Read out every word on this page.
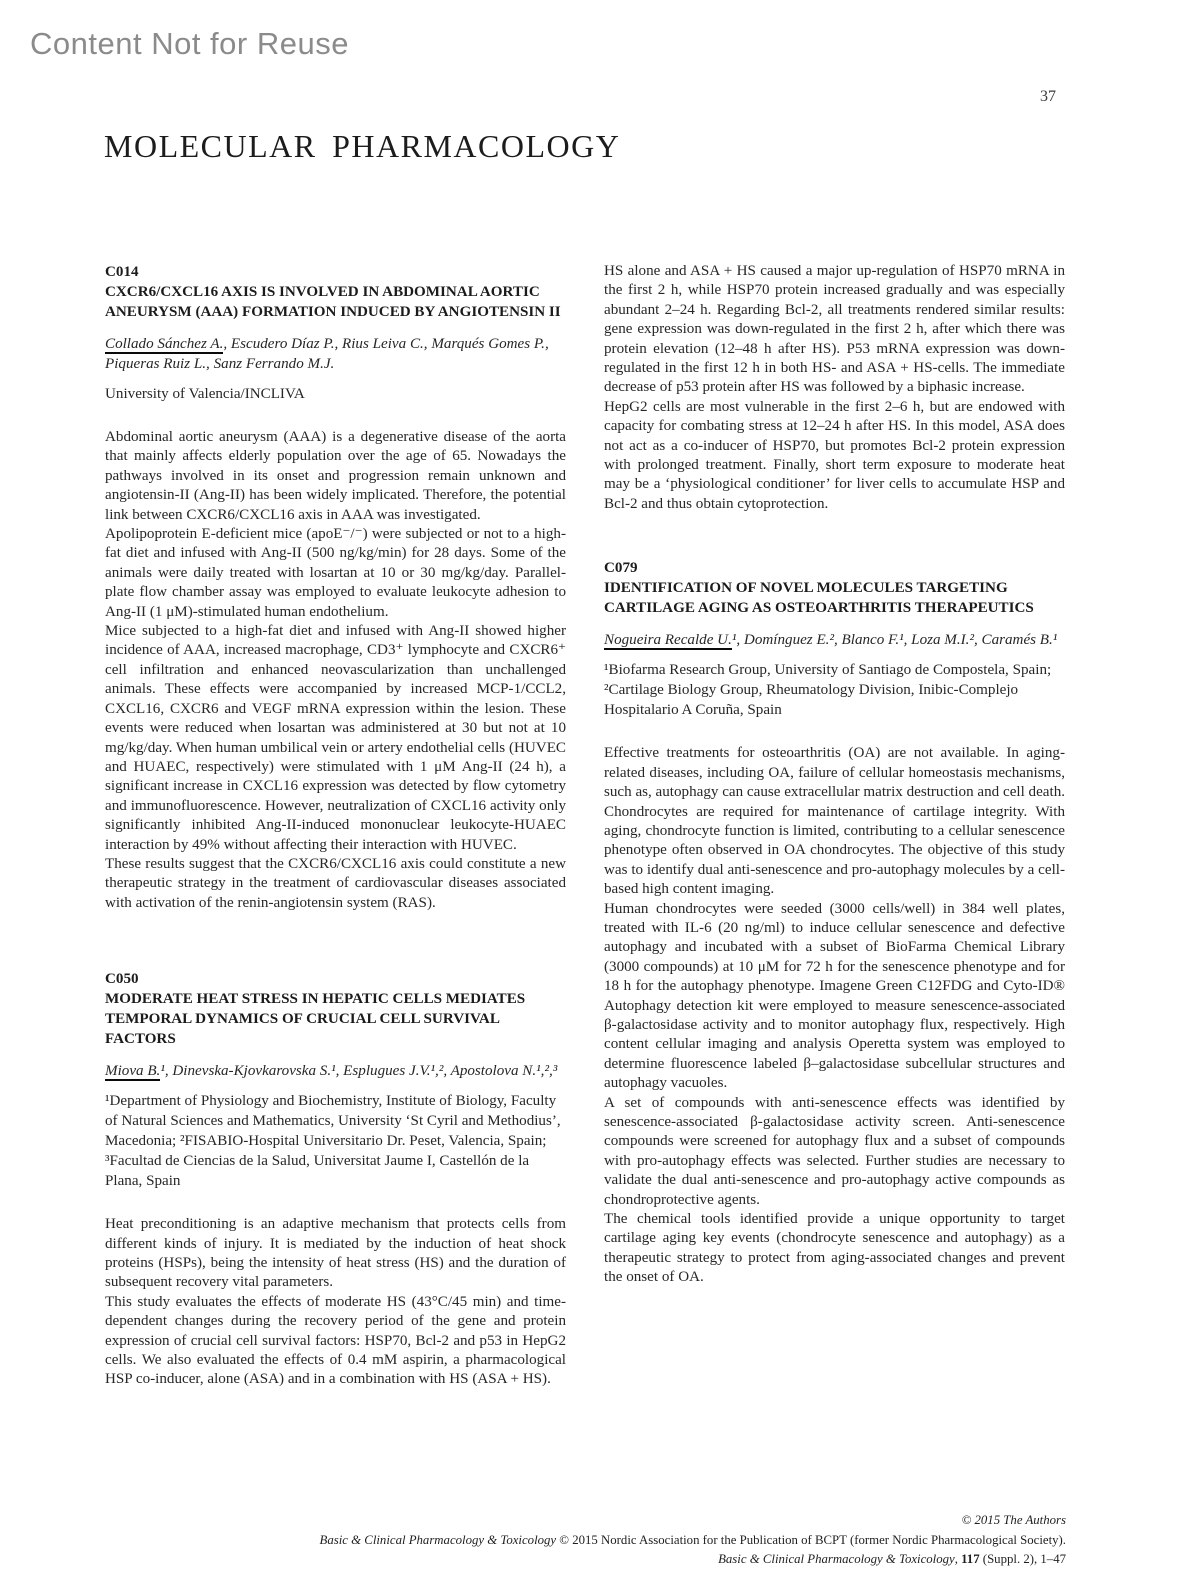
Content Not for Reuse
37
MOLECULAR PHARMACOLOGY
C014
CXCR6/CXCL16 AXIS IS INVOLVED IN ABDOMINAL AORTIC ANEURYSM (AAA) FORMATION INDUCED BY ANGIOTENSIN II

Collado Sánchez A., Escudero Díaz P., Rius Leiva C., Marqués Gomes P., Piqueras Ruiz L., Sanz Ferrando M.J.

University of Valencia/INCLIVA

Abdominal aortic aneurysm (AAA) is a degenerative disease of the aorta that mainly affects elderly population over the age of 65. Nowadays the pathways involved in its onset and progression remain unknown and angiotensin-II (Ang-II) has been widely implicated. Therefore, the potential link between CXCR6/CXCL16 axis in AAA was investigated.

Apolipoprotein E-deficient mice (apoE⁻/⁻) were subjected or not to a high-fat diet and infused with Ang-II (500 ng/kg/min) for 28 days. Some of the animals were daily treated with losartan at 10 or 30 mg/kg/day. Parallel-plate flow chamber assay was employed to evaluate leukocyte adhesion to Ang-II (1 μM)-stimulated human endothelium.

Mice subjected to a high-fat diet and infused with Ang-II showed higher incidence of AAA, increased macrophage, CD3⁺ lymphocyte and CXCR6⁺ cell infiltration and enhanced neovascularization than unchallenged animals. These effects were accompanied by increased MCP-1/CCL2, CXCL16, CXCR6 and VEGF mRNA expression within the lesion. These events were reduced when losartan was administered at 30 but not at 10 mg/kg/day. When human umbilical vein or artery endothelial cells (HUVEC and HUAEC, respectively) were stimulated with 1 μM Ang-II (24 h), a significant increase in CXCL16 expression was detected by flow cytometry and immunofluorescence. However, neutralization of CXCL16 activity only significantly inhibited Ang-II-induced mononuclear leukocyte-HUAEC interaction by 49% without affecting their interaction with HUVEC.

These results suggest that the CXCR6/CXCL16 axis could constitute a new therapeutic strategy in the treatment of cardiovascular diseases associated with activation of the renin-angiotensin system (RAS).

C050
MODERATE HEAT STRESS IN HEPATIC CELLS MEDIATES TEMPORAL DYNAMICS OF CRUCIAL CELL SURVIVAL FACTORS

Miova B.¹, Dinevska-Kjovkarovska S.¹, Esplugues J.V.¹,², Apostolova N.¹,²,³

¹Department of Physiology and Biochemistry, Institute of Biology, Faculty of Natural Sciences and Mathematics, University ‘St Cyril and Methodius’, Macedonia; ²FISABIO-Hospital Universitario Dr. Peset, Valencia, Spain; ³Facultad de Ciencias de la Salud, Universitat Jaume I, Castellón de la Plana, Spain

Heat preconditioning is an adaptive mechanism that protects cells from different kinds of injury. It is mediated by the induction of heat shock proteins (HSPs), being the intensity of heat stress (HS) and the duration of subsequent recovery vital parameters.

This study evaluates the effects of moderate HS (43°C/45 min) and time-dependent changes during the recovery period of the gene and protein expression of crucial cell survival factors: HSP70, Bcl-2 and p53 in HepG2 cells. We also evaluated the effects of 0.4 mM aspirin, a pharmacological HSP co-inducer, alone (ASA) and in a combination with HS (ASA + HS).

HS alone and ASA + HS caused a major up-regulation of HSP70 mRNA in the first 2 h, while HSP70 protein increased gradually and was especially abundant 2–24 h. Regarding Bcl-2, all treatments rendered similar results: gene expression was down-regulated in the first 2 h, after which there was protein elevation (12–48 h after HS). P53 mRNA expression was down-regulated in the first 12 h in both HS- and ASA + HS-cells. The immediate decrease of p53 protein after HS was followed by a biphasic increase.

HepG2 cells are most vulnerable in the first 2–6 h, but are endowed with capacity for combating stress at 12–24 h after HS. In this model, ASA does not act as a co-inducer of HSP70, but promotes Bcl-2 protein expression with prolonged treatment. Finally, short term exposure to moderate heat may be a ‘physiological conditioner’ for liver cells to accumulate HSP and Bcl-2 and thus obtain cytoprotection.

C079
IDENTIFICATION OF NOVEL MOLECULES TARGETING CARTILAGE AGING AS OSTEOARTHRITIS THERAPEUTICS

Nogueira Recalde U.¹, Domínguez E.², Blanco F.¹, Loza M.I.², Caramés B.¹

¹Biofarma Research Group, University of Santiago de Compostela, Spain; ²Cartilage Biology Group, Rheumatology Division, Inibic-Complejo Hospitalario A Coruña, Spain

Effective treatments for osteoarthritis (OA) are not available. In aging-related diseases, including OA, failure of cellular homeostasis mechanisms, such as, autophagy can cause extracellular matrix destruction and cell death. Chondrocytes are required for maintenance of cartilage integrity. With aging, chondrocyte function is limited, contributing to a cellular senescence phenotype often observed in OA chondrocytes. The objective of this study was to identify dual anti-senescence and pro-autophagy molecules by a cell-based high content imaging.

Human chondrocytes were seeded (3000 cells/well) in 384 well plates, treated with IL-6 (20 ng/ml) to induce cellular senescence and defective autophagy and incubated with a subset of BioFarma Chemical Library (3000 compounds) at 10 μM for 72 h for the senescence phenotype and for 18 h for the autophagy phenotype. Imagene Green C12FDG and Cyto-ID® Autophagy detection kit were employed to measure senescence-associated β-galactosidase activity and to monitor autophagy flux, respectively. High content cellular imaging and analysis Operetta system was employed to determine fluorescence labeled β–galactosidase subcellular structures and autophagy vacuoles.

A set of compounds with anti-senescence effects was identified by senescence-associated β-galactosidase activity screen. Anti-senescence compounds were screened for autophagy flux and a subset of compounds with pro-autophagy effects was selected. Further studies are necessary to validate the dual anti-senescence and pro-autophagy active compounds as chondroprotective agents.

The chemical tools identified provide a unique opportunity to target cartilage aging key events (chondrocyte senescence and autophagy) as a therapeutic strategy to protect from aging-associated changes and prevent the onset of OA.

© 2015 The Authors
Basic & Clinical Pharmacology & Toxicology © 2015 Nordic Association for the Publication of BCPT (former Nordic Pharmacological Society).
Basic & Clinical Pharmacology & Toxicology, 117 (Suppl. 2), 1–47
